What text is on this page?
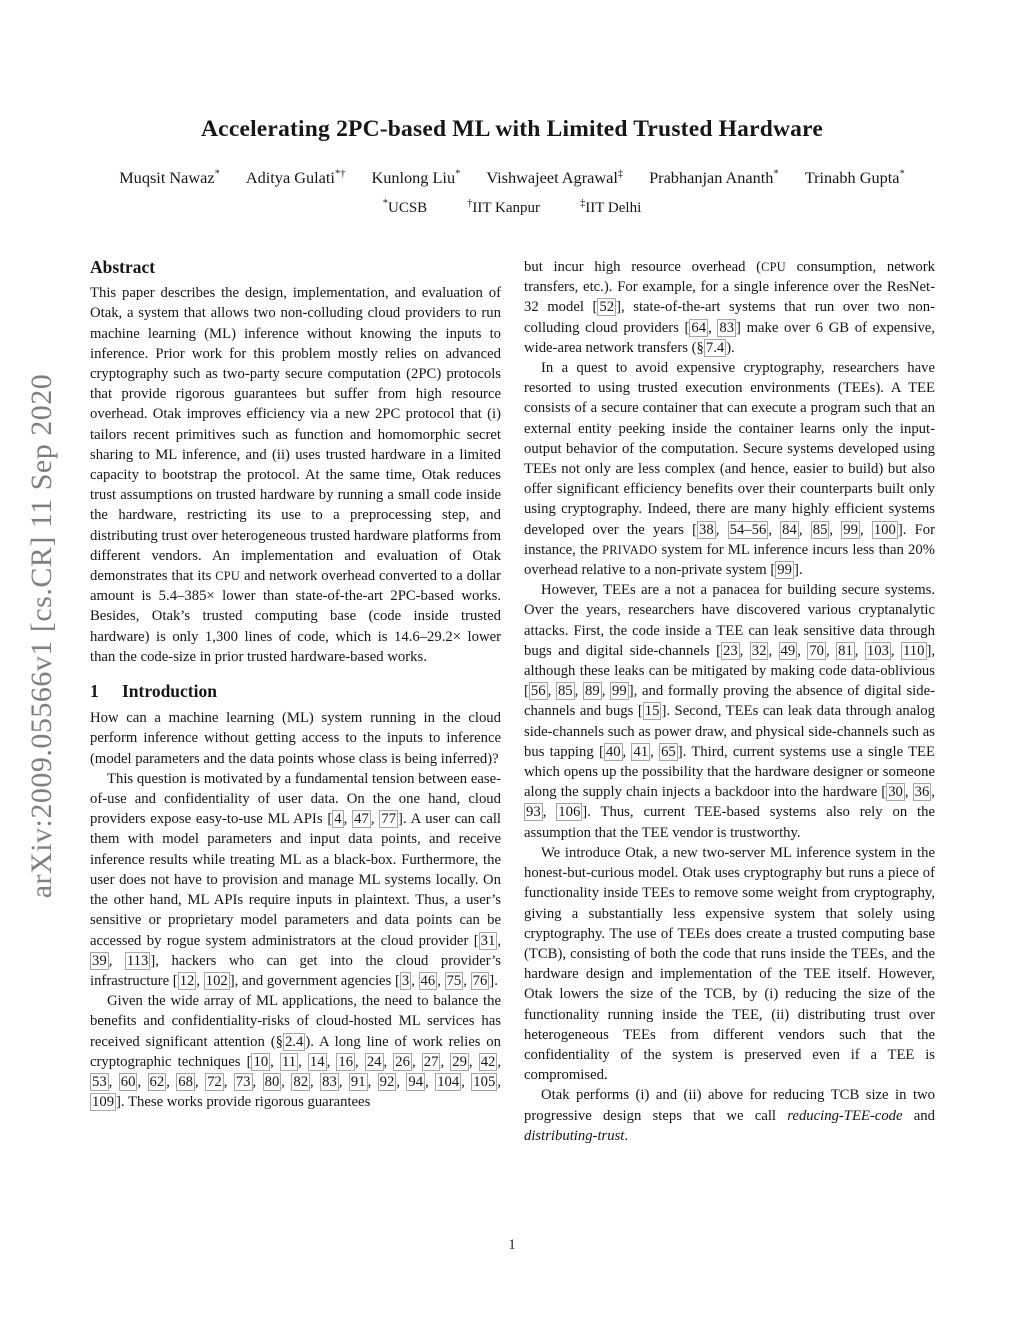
arXiv:2009.05566v1 [cs.CR] 11 Sep 2020
Accelerating 2PC-based ML with Limited Trusted Hardware
Muqsit Nawaz* Aditya Gulati*† Kunlong Liu* Vishwajeet Agrawal‡ Prabhanjan Ananth* Trinabh Gupta*
*UCSB	†IIT Kanpur	‡IIT Delhi
Abstract

This paper describes the design, implementation, and evaluation of Otak, a system that allows two non-colluding cloud providers to run machine learning (ML) inference without knowing the inputs to inference. Prior work for this problem mostly relies on advanced cryptography such as two-party secure computation (2PC) protocols that provide rigorous guarantees but suffer from high resource overhead. Otak improves efficiency via a new 2PC protocol that (i) tailors recent primitives such as function and homomorphic secret sharing to ML inference, and (ii) uses trusted hardware in a limited capacity to bootstrap the protocol. At the same time, Otak reduces trust assumptions on trusted hardware by running a small code inside the hardware, restricting its use to a preprocessing step, and distributing trust over heterogeneous trusted hardware platforms from different vendors. An implementation and evaluation of Otak demonstrates that its CPU and network overhead converted to a dollar amount is 5.4–385× lower than state-of-the-art 2PC-based works. Besides, Otak’s trusted computing base (code inside trusted hardware) is only 1,300 lines of code, which is 14.6–29.2× lower than the code-size in prior trusted hardware-based works.

1 Introduction

How can a machine learning (ML) system running in the cloud perform inference without getting access to the inputs to inference (model parameters and the data points whose class is being inferred)?

This question is motivated by a fundamental tension between ease-of-use and confidentiality of user data. On the one hand, cloud providers expose easy-to-use ML APIs [ 4 , 47 , 77 ]. A user can call them with model parameters and input data points, and receive inference results while treating ML as a black-box. Furthermore, the user does not have to provision and manage ML systems locally. On the other hand, ML APIs require inputs in plaintext. Thus, a user’s sensitive or proprietary model parameters and data points can be accessed by rogue system administrators at the cloud provider [ 31 , 39 , 113 ], hackers who can get into the cloud provider’s infrastructure [ 12 , 102 ], and government agencies [ 3 , 46 , 75 , 76 ].

Given the wide array of ML applications, the need to balance the benefits and confidentiality-risks of cloud-hosted ML services has received significant attention (§ 2.4 ). A long line of work relies on cryptographic techniques [ 10 , 11 , 14 , 16 , 24 , 26 , 27 , 29 , 42 , 53 , 60 , 62 , 68 , 72 , 73 , 80 , 82 , 83 , 91 , 92 , 94 , 104 , 105 , 109 ]. These works provide rigorous guarantees

but incur high resource overhead (CPU consumption, network transfers, etc.). For example, for a single inference over the ResNet-32 model [ 52 ], state-of-the-art systems that run over two non-colluding cloud providers [ 64 , 83 ] make over 6 GB of expensive, wide-area network transfers (§ 7.4 ).

In a quest to avoid expensive cryptography, researchers have resorted to using trusted execution environments (TEEs). A TEE consists of a secure container that can execute a program such that an external entity peeking inside the container learns only the input-output behavior of the computation. Secure systems developed using TEEs not only are less complex (and hence, easier to build) but also offer significant efficiency benefits over their counterparts built only using cryptography. Indeed, there are many highly efficient systems developed over the years [ 38 , 54–56 , 84 , 85 , 99 , 100 ]. For instance, the PRIVADO system for ML inference incurs less than 20% overhead relative to a non-private system [ 99 ].

However, TEEs are a not a panacea for building secure systems. Over the years, researchers have discovered various cryptanalytic attacks. First, the code inside a TEE can leak sensitive data through bugs and digital side-channels [ 23 , 32 , 49 , 70 , 81 , 103 , 110 ], although these leaks can be mitigated by making code data-oblivious [ 56 , 85 , 89 , 99 ], and formally proving the absence of digital side-channels and bugs [ 15 ]. Second, TEEs can leak data through analog side-channels such as power draw, and physical side-channels such as bus tapping [ 40 , 41 , 65 ]. Third, current systems use a single TEE which opens up the possibility that the hardware designer or someone along the supply chain injects a backdoor into the hardware [ 30 , 36 , 93 , 106 ]. Thus, current TEE-based systems also rely on the assumption that the TEE vendor is trustworthy.

We introduce Otak, a new two-server ML inference system in the honest-but-curious model. Otak uses cryptography but runs a piece of functionality inside TEEs to remove some weight from cryptography, giving a substantially less expensive system that solely using cryptography. The use of TEEs does create a trusted computing base (TCB), consisting of both the code that runs inside the TEEs, and the hardware design and implementation of the TEE itself. However, Otak lowers the size of the TCB, by (i) reducing the size of the functionality running inside the TEE, (ii) distributing trust over heterogeneous TEEs from different vendors such that the confidentiality of the system is preserved even if a TEE is compromised.

Otak performs (i) and (ii) above for reducing TCB size in two progressive design steps that we call reducing-TEE-code and distributing-trust.

1
